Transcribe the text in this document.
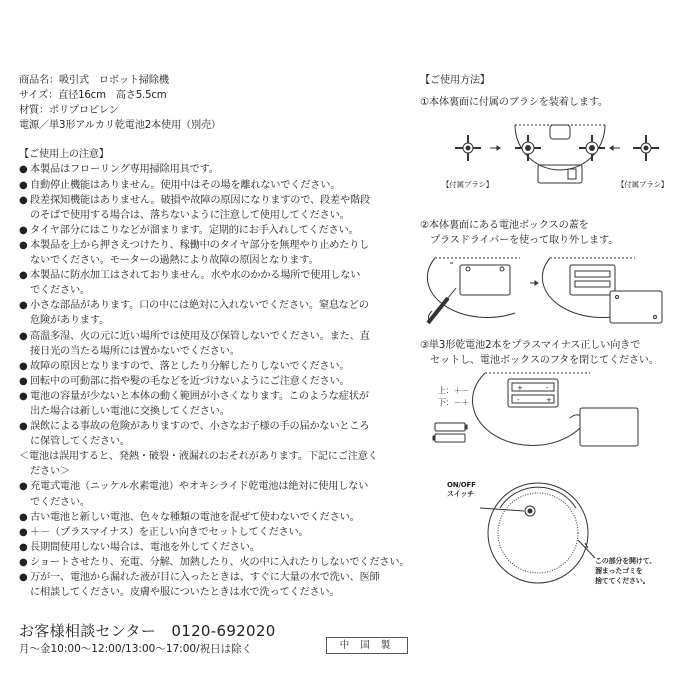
商品名：吸引式　ロボット掃除機
サイズ：直径16cm　高さ5.5cm
材質：ポリプロピレン
電源／単3形アルカリ乾電池2本使用（別売）
【ご使用上の注意】
● 本製品はフローリング専用掃除用具です。
● 自動停止機能はありません。使用中はその場を離れないでください。
● 段差探知機能はありません。破損や故障の原因になりますので、段差や階段
のそばで使用する場合は、落ちないように注意して使用してください。
● タイヤ部分にはこりなどが溜まります。定期的にお手入れしてください。
● 本製品を上から押さえつけたり、稼働中のタイヤ部分を無理やり止めたりし
ないでください。モーターの過熱により故障の原因となります。
● 本製品に防水加工はされておりません。水や水のかかる場所で使用しない
でください。
● 小さな部品があります。口の中には絶対に入れないでください。窒息などの
危険があります。
● 高温多湿、火の元に近い場所では使用及び保管しないでください。また、直
接日光の当たる場所には置かないでください。
● 故障の原因となりますので、落としたり分解したりしないでください。
● 回転中の可動部に指や髪の毛などを近づけないようにご注意ください。
● 電池の容量が少ないと本体の動く範囲が小さくなります。このような症状が
出た場合は新しい電池に交換してください。
● 誤飲による事故の危険がありますので、小さなお子様の手の届かないところ
に保管してください。
＜電池は誤用すると、発熱・破裂・液漏れのおそれがあります。下記にご注意く
ださい＞
● 充電式電池（ニッケル水素電池）やオキシライド乾電池は絶対に使用しない
でください。
● 古い電池と新しい電池、色々な種類の電池を混ぜて使わないでください。
● ＋－（プラスマイナス）を正しい向きでセットしてください。
● 長期間使用しない場合は、電池を外してください。
● ショートさせたり、充電、分解、加熱したり、火の中に入れたりしないでください。
● 万が一、電池から漏れた液が目に入ったときは、すぐに大量の水で洗い、医師
に相談してください。皮膚や服についたときは水で洗ってください。
【ご使用方法】
①本体裏面に付属のブラシを装着します。
【付属ブラシ】	【付属ブラシ】
②本体裏面にある電池ボックスの蓋を
　プラスドライバーを使って取り外します。
③単3形乾電池2本をプラスマイナス正しい向きで
　セットし、電池ボックスのフタを閉じてください。
+	-
-	+
上：＋－
下：－＋
ON/OFF
スイッチ
この部分を開けて、
溜まったゴミを
捨ててください。
お客様相談センター　0120-692020
月～金10:00～12:00/13:00～17:00/祝日は除く	中 国 製
